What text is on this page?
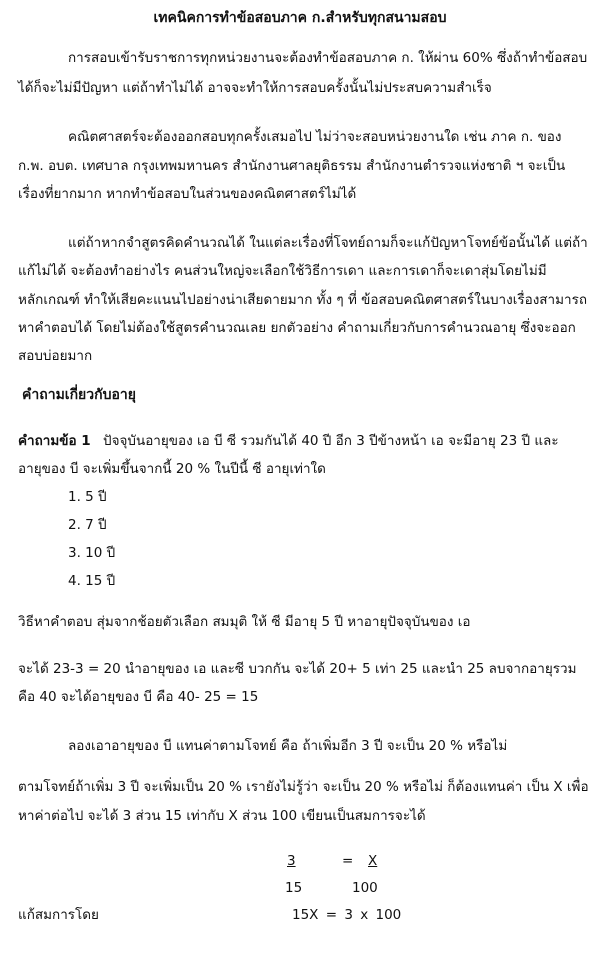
เทคนิคการทำข้อสอบภาค ก.สำหรับทุกสนามสอบ
การสอบเข้ารับราชการทุกหน่วยงานจะต้องทำข้อสอบภาค ก. ให้ผ่าน 60% ซึ่งถ้าทำข้อสอบ
ได้ก็จะไม่มีปัญหา แต่ถ้าทำไม่ได้ อาจจะทำให้การสอบครั้งนั้นไม่ประสบความสำเร็จ
คณิตศาสตร์จะต้องออกสอบทุกครั้งเสมอไป ไม่ว่าจะสอบหน่วยงานใด เช่น ภาค ก. ของ
ก.พ. อบต. เทศบาล กรุงเทพมหานคร สำนักงานศาลยุติธรรม สำนักงานตำรวจแห่งชาติ ฯ จะเป็น
เรื่องที่ยากมาก หากทำข้อสอบในส่วนของคณิตศาสตร์ไม่ได้
แต่ถ้าหากจำสูตรคิดคำนวณได้ ในแต่ละเรื่องที่โจทย์ถามก็จะแก้ปัญหาโจทย์ข้อนั้นได้ แต่ถ้า
แก้ไม่ได้ จะต้องทำอย่างไร คนส่วนใหญ่จะเลือกใช้วิธีการเดา และการเดาก็จะเดาสุ่มโดยไม่มี
หลักเกณฑ์ ทำให้เสียคะแนนไปอย่างน่าเสียดายมาก ทั้ง ๆ ที่ ข้อสอบคณิตศาสตร์ในบางเรื่องสามารถ
หาคำตอบได้ โดยไม่ต้องใช้สูตรคำนวณเลย ยกตัวอย่าง คำถามเกี่ยวกับการคำนวณอายุ ซึ่งจะออก
สอบบ่อยมาก
คำถามเกี่ยวกับอายุ
คำถามข้อ 1 ปัจจุบันอายุของ เอ บี ซี รวมกันได้ 40 ปี อีก 3 ปีข้างหน้า เอ จะมีอายุ 23 ปี และ
อายุของ บี จะเพิ่มขึ้นจากนี้ 20 % ในปีนี้ ซี อายุเท่าใด
1. 5 ปี
2. 7 ปี
3. 10 ปี
4. 15 ปี
วิธีหาคำตอบ สุ่มจากช้อยตัวเลือก สมมุติ ให้ ซี มีอายุ 5 ปี หาอายุปัจจุบันของ เอ
จะได้ 23-3 = 20 นำอายุของ เอ และซี บวกกัน จะได้ 20+ 5 เท่า 25 และนำ 25 ลบจากอายุรวม
คือ 40 จะได้อายุของ บี คือ 40- 25 = 15
ลองเอาอายุของ บี แทนค่าตามโจทย์ คือ ถ้าเพิ่มอีก 3 ปี จะเป็น 20 % หรือไม่
ตามโจทย์ถ้าเพิ่ม 3 ปี จะเพิ่มเป็น 20 % เรายังไม่รู้ว่า จะเป็น 20 % หรือไม่ ก็ต้องแทนค่า เป็น X เพื่อ
หาค่าต่อไป จะได้ 3 ส่วน 15 เท่ากับ X ส่วน 100 เขียนเป็นสมการจะได้
3	= X
15	100
แก้สมการโดย	15X = 3 x 100
